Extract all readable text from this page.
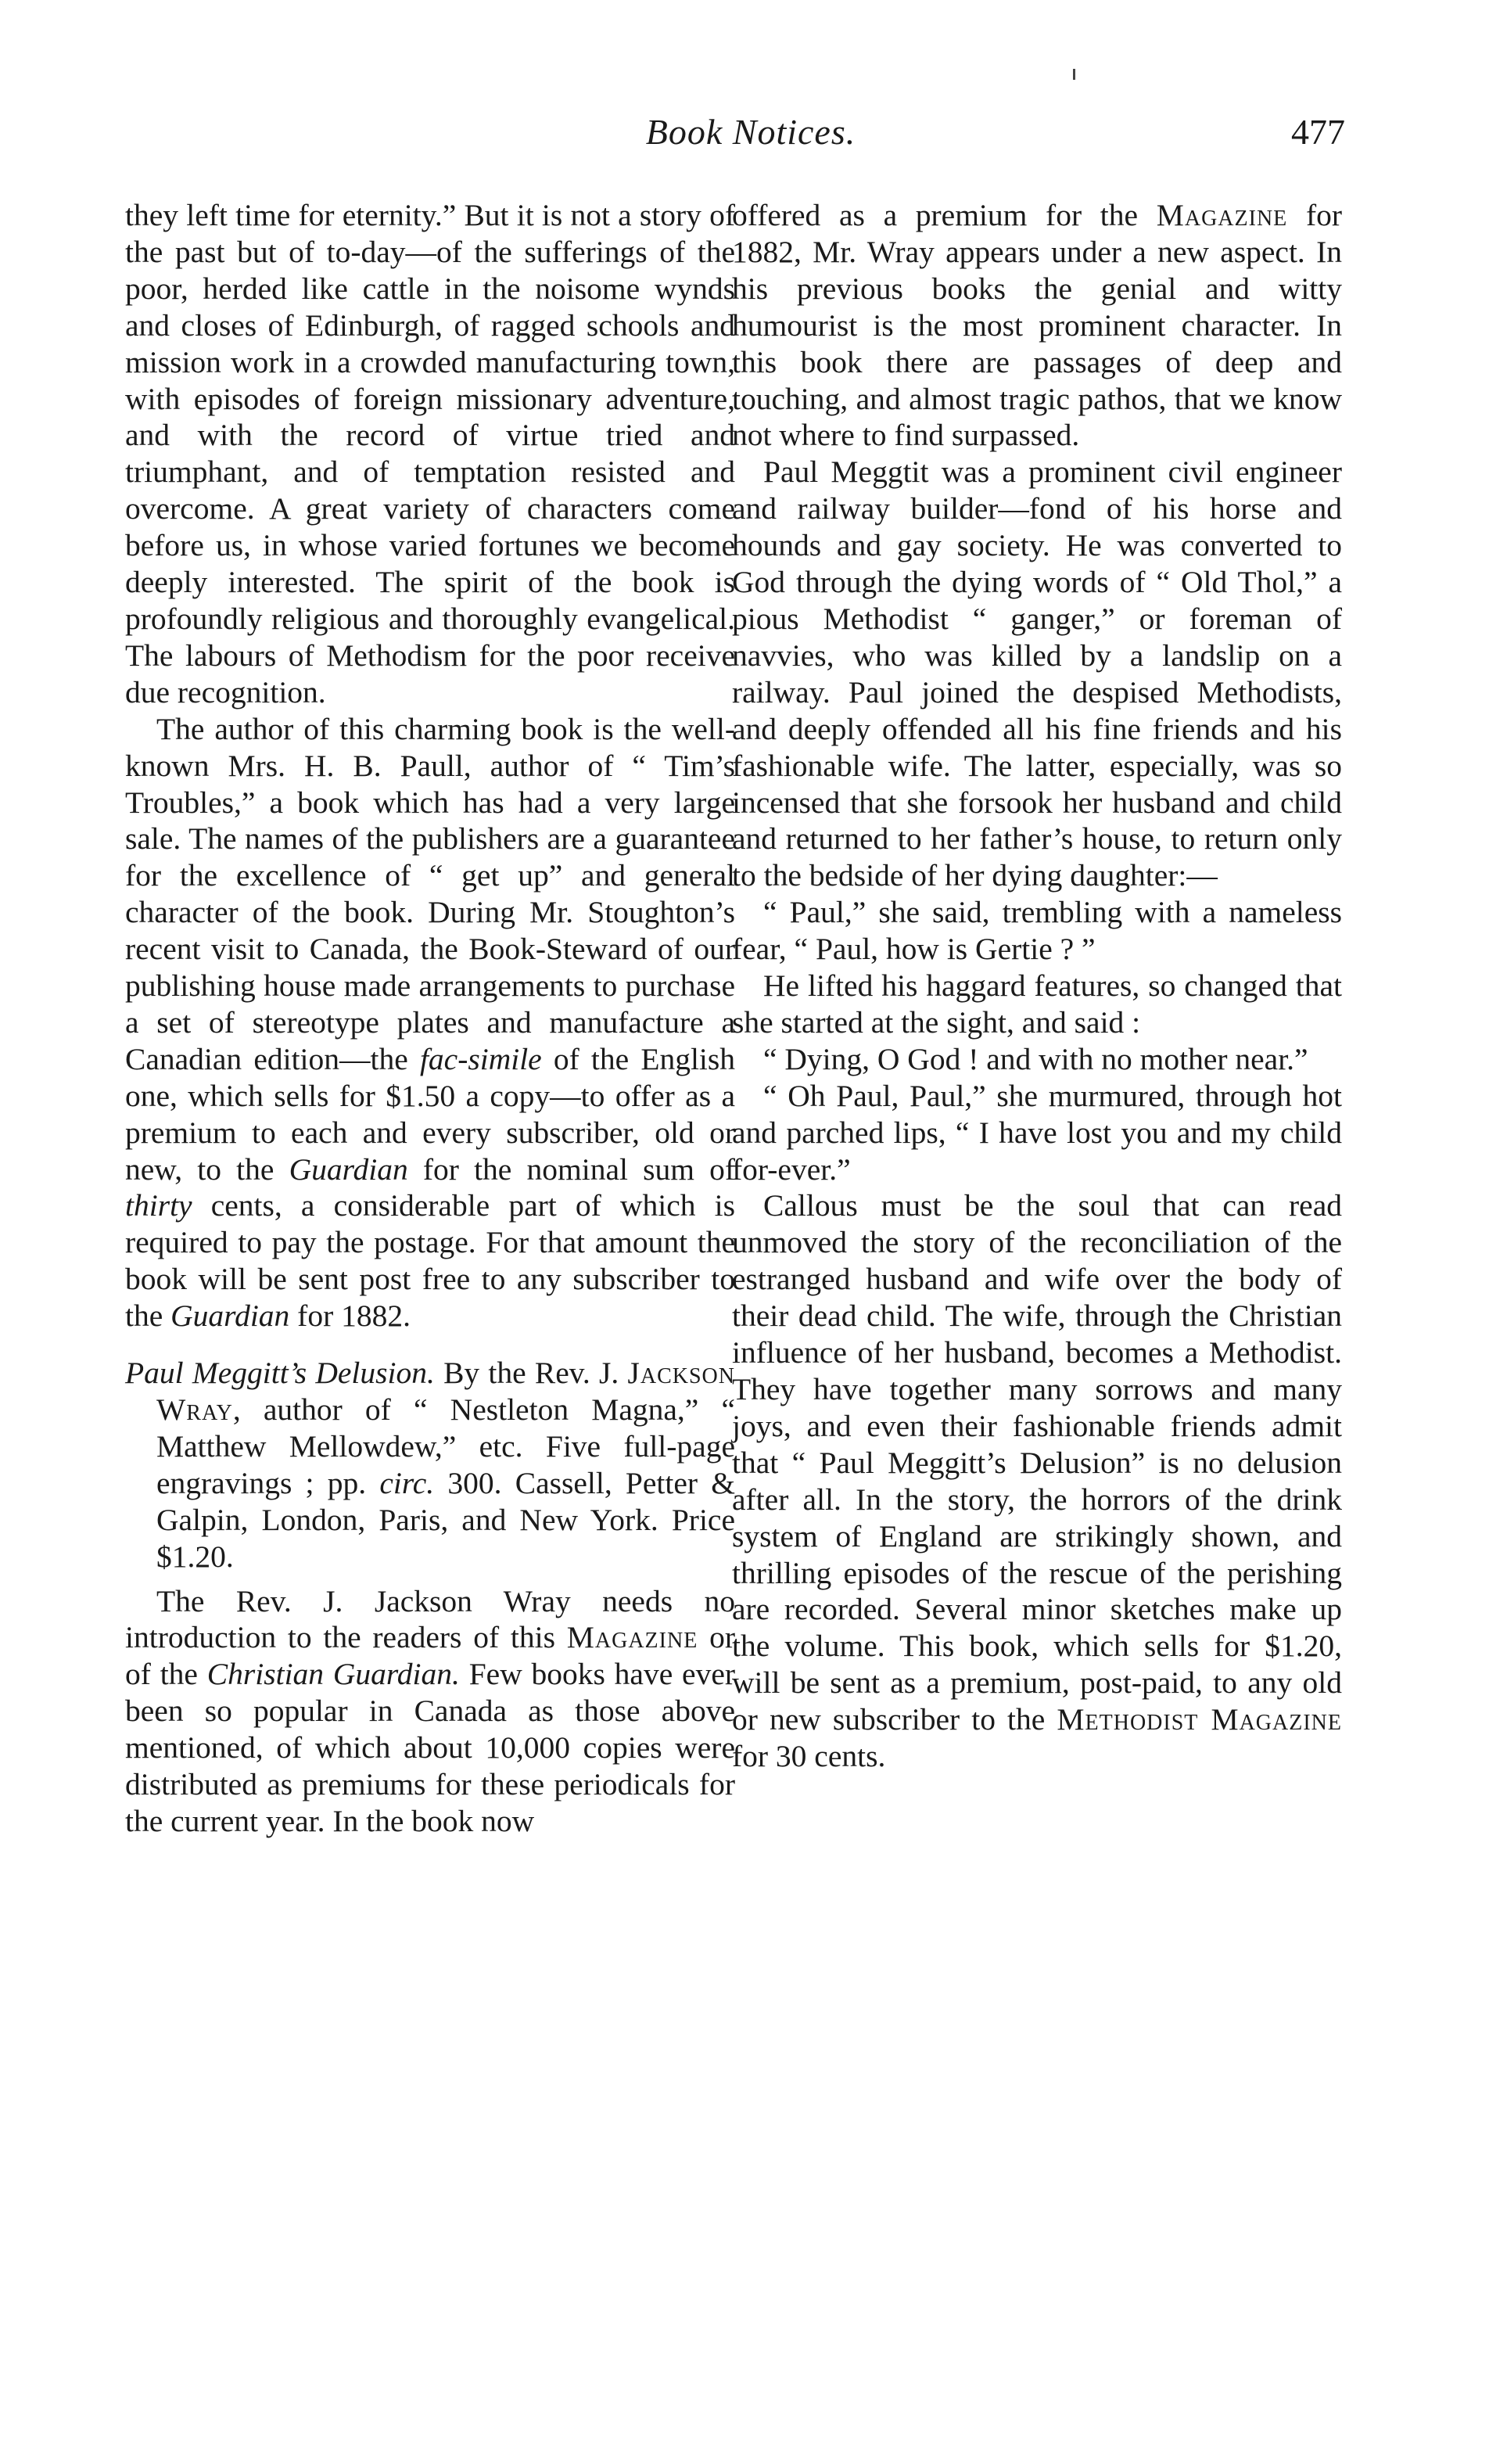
Book Notices.	477

they left time for eternity.” But it is not a story of the past but of to-day—of the sufferings of the poor, herded like cattle in the noisome wynds and closes of Edinburgh, of ragged schools and mission work in a crowded manufacturing town, with episodes of foreign missionary adventure, and with the record of virtue tried and triumphant, and of temptation resisted and overcome. A great variety of characters come before us, in whose varied fortunes we become deeply interested. The spirit of the book is profoundly religious and thoroughly evangelical. The labours of Methodism for the poor receive due recognition.

The author of this charming book is the well-known Mrs. H. B. Paull, author of “ Tim’s Troubles,” a book which has had a very large sale. The names of the publishers are a guarantee for the excellence of “ get up” and general character of the book. During Mr. Stoughton’s recent visit to Canada, the Book-Steward of our publishing house made arrangements to purchase a set of stereotype plates and manufacture a Canadian edition—the fac-simile of the English one, which sells for $1.50 a copy—to offer as a premium to each and every subscriber, old or new, to the Guardian for the nominal sum of thirty cents, a considerable part of which is required to pay the postage. For that amount the book will be sent post free to any subscriber to the Guardian for 1882.

Paul Meggitt’s Delusion. By the Rev. J. Jackson Wray, author of “ Nestleton Magna,” “ Matthew Mellowdew,” etc. Five full-page engravings ; pp. circ. 300. Cassell, Petter & Galpin, London, Paris, and New York. Price $1.20.

The Rev. J. Jackson Wray needs no introduction to the readers of this Magazine or of the Christian Guardian. Few books have ever been so popular in Canada as those above mentioned, of which about 10,000 copies were distributed as premiums for these periodicals for the current year. In the book now

offered as a premium for the Magazine for 1882, Mr. Wray appears under a new aspect. In his previous books the genial and witty humourist is the most prominent character. In this book there are passages of deep and touching, and almost tragic pathos, that we know not where to find surpassed.

Paul Meggtit was a prominent civil engineer and railway builder—fond of his horse and hounds and gay society. He was converted to God through the dying words of “ Old Thol,” a pious Methodist “ ganger,” or foreman of navvies, who was killed by a landslip on a railway. Paul joined the despised Methodists, and deeply offended all his fine friends and his fashionable wife. The latter, especially, was so incensed that she forsook her husband and child and returned to her father’s house, to return only to the bedside of her dying daughter:—

“ Paul,” she said, trembling with a nameless fear, “ Paul, how is Gertie ? ”

He lifted his haggard features, so changed that she started at the sight, and said :

“ Dying, O God ! and with no mother near.”

“ Oh Paul, Paul,” she murmured, through hot and parched lips, “ I have lost you and my child for-ever.”

Callous must be the soul that can read unmoved the story of the reconciliation of the estranged husband and wife over the body of their dead child. The wife, through the Christian influence of her husband, becomes a Methodist. They have together many sorrows and many joys, and even their fashionable friends admit that “ Paul Meggitt’s Delusion” is no delusion after all. In the story, the horrors of the drink system of England are strikingly shown, and thrilling episodes of the rescue of the perishing are recorded. Several minor sketches make up the volume. This book, which sells for $1.20, will be sent as a premium, post-paid, to any old or new subscriber to the Methodist Magazine for 30 cents.
